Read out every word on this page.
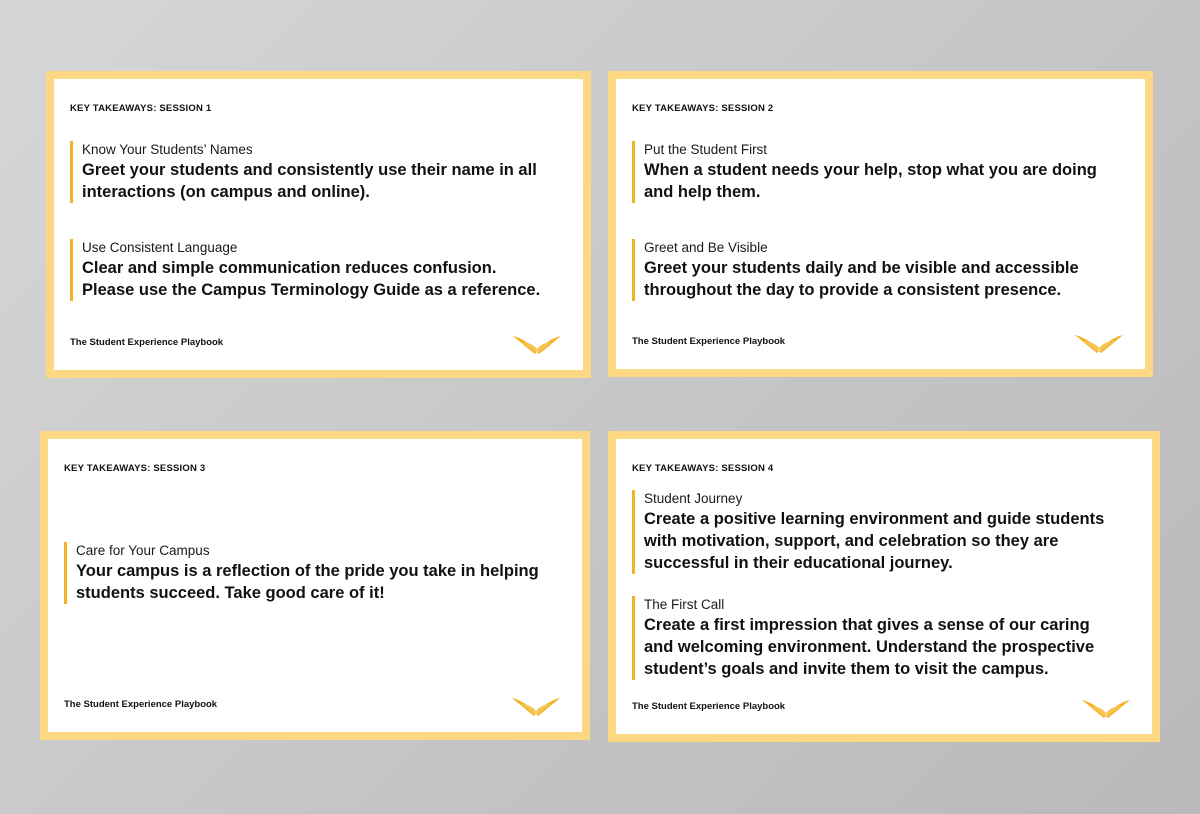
KEY TAKEAWAYS: SESSION 1
Know Your Students’ Names
Greet your students and consistently use their name in all interactions (on campus and online).
Use Consistent Language
Clear and simple communication reduces confusion. Please use the Campus Terminology Guide as a reference.
The Student Experience Playbook
KEY TAKEAWAYS: SESSION 2
Put the Student First
When a student needs your help, stop what you are doing and help them.
Greet and Be Visible
Greet your students daily and be visible and accessible throughout the day to provide a consistent presence.
The Student Experience Playbook
KEY TAKEAWAYS: SESSION 3
Care for Your Campus
Your campus is a reflection of the pride you take in helping students succeed. Take good care of it!
The Student Experience Playbook
KEY TAKEAWAYS: SESSION 4
Student Journey
Create a positive learning environment and guide students with motivation, support, and celebration so they are successful in their educational journey.
The First Call
Create a first impression that gives a sense of our caring and welcoming environment. Understand the prospective student’s goals and invite them to visit the campus.
The Student Experience Playbook
